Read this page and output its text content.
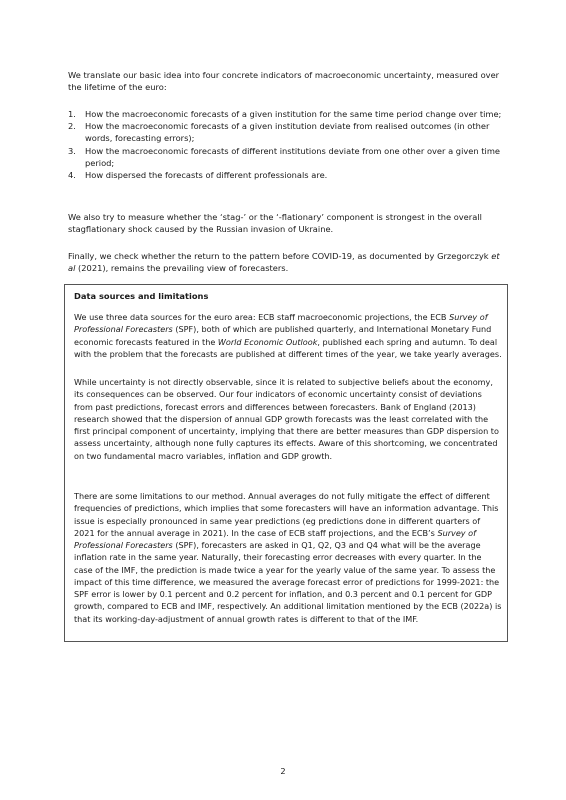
We translate our basic idea into four concrete indicators of macroeconomic uncertainty, measured over the lifetime of the euro:

1. How the macroeconomic forecasts of a given institution for the same time period change over time;
2. How the macroeconomic forecasts of a given institution deviate from realised outcomes (in other words, forecasting errors);
3. How the macroeconomic forecasts of different institutions deviate from one other over a given time period;
4. How dispersed the forecasts of different professionals are.

We also try to measure whether the ‘stag-’ or the ‘-flationary’ component is strongest in the overall stagflationary shock caused by the Russian invasion of Ukraine.

Finally, we check whether the return to the pattern before COVID-19, as documented by Grzegorczyk et al (2021), remains the prevailing view of forecasters.

Data sources and limitations

We use three data sources for the euro area: ECB staff macroeconomic projections, the ECB Survey of Professional Forecasters (SPF), both of which are published quarterly, and International Monetary Fund economic forecasts featured in the World Economic Outlook, published each spring and autumn. To deal with the problem that the forecasts are published at different times of the year, we take yearly averages.

While uncertainty is not directly observable, since it is related to subjective beliefs about the economy, its consequences can be observed. Our four indicators of economic uncertainty consist of deviations from past predictions, forecast errors and differences between forecasters. Bank of England (2013) research showed that the dispersion of annual GDP growth forecasts was the least correlated with the first principal component of uncertainty, implying that there are better measures than GDP dispersion to assess uncertainty, although none fully captures its effects. Aware of this shortcoming, we concentrated on two fundamental macro variables, inflation and GDP growth.

There are some limitations to our method. Annual averages do not fully mitigate the effect of different frequencies of predictions, which implies that some forecasters will have an information advantage. This issue is especially pronounced in same year predictions (eg predictions done in different quarters of 2021 for the annual average in 2021). In the case of ECB staff projections, and the ECB’s Survey of Professional Forecasters (SPF), forecasters are asked in Q1, Q2, Q3 and Q4 what will be the average inflation rate in the same year. Naturally, their forecasting error decreases with every quarter. In the case of the IMF, the prediction is made twice a year for the yearly value of the same year. To assess the impact of this time difference, we measured the average forecast error of predictions for 1999-2021: the SPF error is lower by 0.1 percent and 0.2 percent for inflation, and 0.3 percent and 0.1 percent for GDP growth, compared to ECB and IMF, respectively. An additional limitation mentioned by the ECB (2022a) is that its working-day-adjustment of annual growth rates is different to that of the IMF.

2
